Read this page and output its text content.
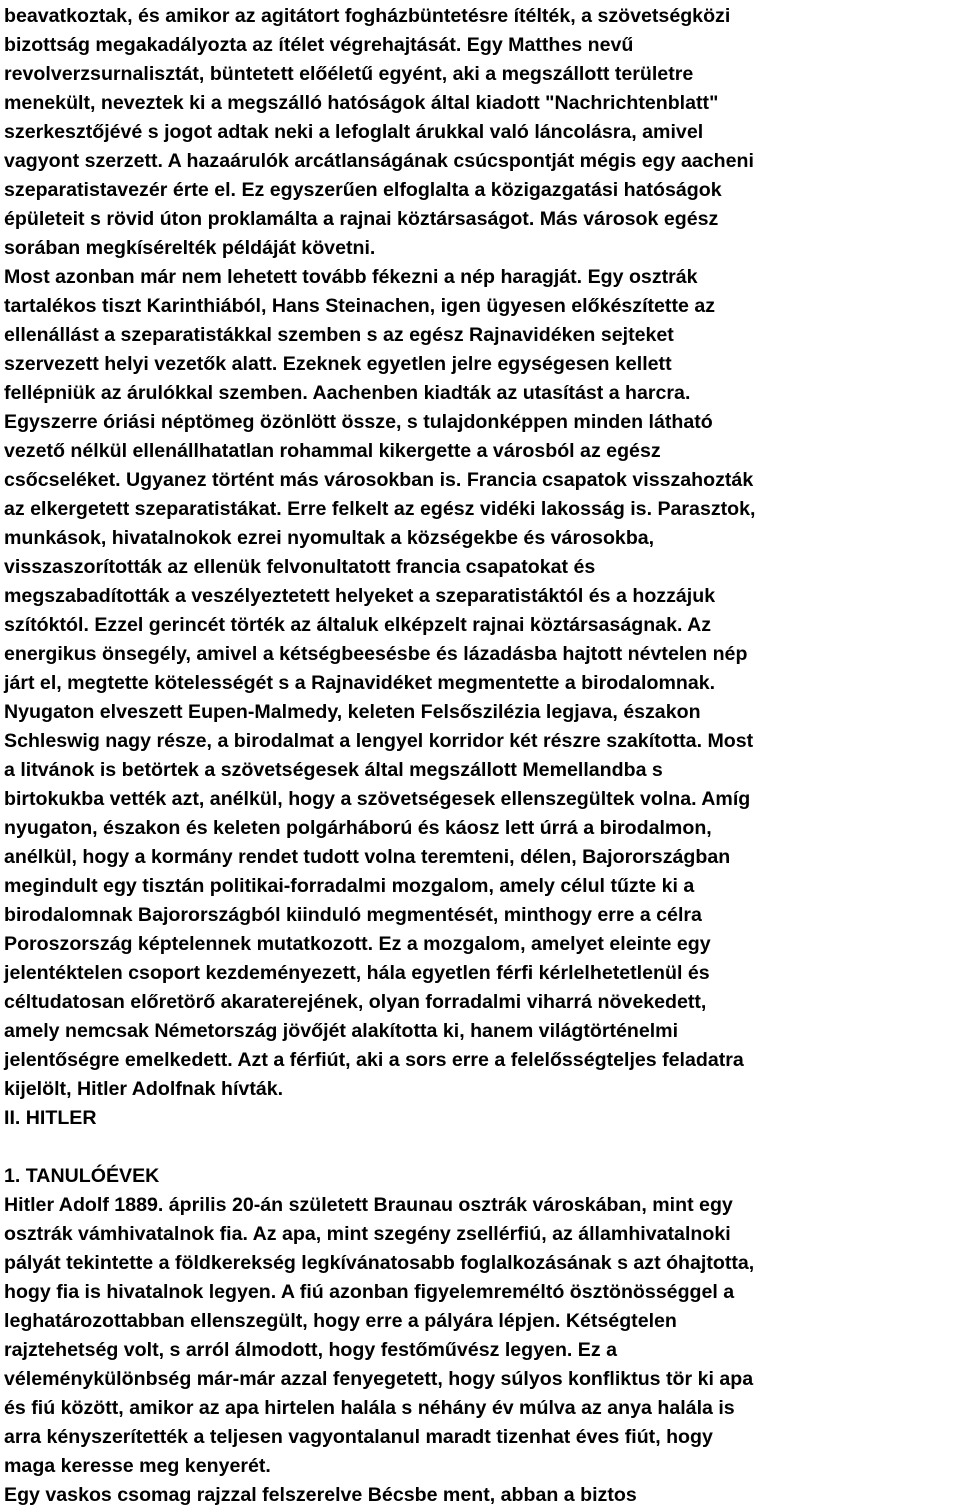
beavatkoztak, és amikor az agitátort fogházbüntetésre ítélték, a szövetségközi
bizottság megakadályozta az ítélet végrehajtását. Egy Matthes nevű
revolverzsurnalisztát, büntetett előéletű egyént, aki a megszállott területre
menekült, neveztek ki a megszálló hatóságok által kiadott "Nachrichtenblatt"
szerkesztőjévé s jogot adtak neki a lefoglalt árukkal való láncolásra, amivel
vagyont szerzett. A hazaárulók arcátlanságának csúcspontját mégis egy aacheni
szeparatistavezér érte el. Ez egyszerűen elfoglalta a közigazgatási hatóságok
épületeit s rövid úton proklamálta a rajnai köztársaságot. Más városok egész
sorában megkísérelték példáját követni.
Most azonban már nem lehetett tovább fékezni a nép haragját. Egy osztrák
tartalékos tiszt Karinthiából, Hans Steinachen, igen ügyesen előkészítette az
ellenállást a szeparatistákkal szemben s az egész Rajnavidéken sejteket
szervezett helyi vezetők alatt. Ezeknek egyetlen jelre egységesen kellett
fellépniük az árulókkal szemben. Aachenben kiadták az utasítást a harcra.
Egyszerre óriási néptömeg özönlött össze, s tulajdonképpen minden látható
vezető nélkül ellenállhatatlan rohammal kikergette a városból az egész
csőcseléket. Ugyanez történt más városokban is. Francia csapatok visszahozták
az elkergetett szeparatistákat. Erre felkelt az egész vidéki lakosság is. Parasztok,
munkások, hivatalnokok ezrei nyomultak a községekbe és városokba,
visszaszorították az ellenük felvonultatott francia csapatokat és
megszabadították a veszélyeztetett helyeket a szeparatistáktól és a hozzájuk
szítóktól. Ezzel gerincét törték az általuk elképzelt rajnai köztársaságnak. Az
energikus önsegély, amivel a kétségbeesésbe és lázadásba hajtott névtelen nép
járt el, megtette kötelességét s a Rajnavidéket megmentette a birodalomnak.
Nyugaton elveszett Eupen-Malmedy, keleten Felsőszilézia legjava, északon
Schleswig nagy része, a birodalmat a lengyel korridor két részre szakította. Most
a litvánok is betörtek a szövetségesek által megszállott Memellandba s
birtokukba vették azt, anélkül, hogy a szövetségesek ellenszegültek volna. Amíg
nyugaton, északon és keleten polgárháború és káosz lett úrrá a birodalmon,
anélkül, hogy a kormány rendet tudott volna teremteni, délen, Bajorországban
megindult egy tisztán politikai-forradalmi mozgalom, amely célul tűzte ki a
birodalomnak Bajorországból kiinduló megmentését, minthogy erre a célra
Poroszország képtelennek mutatkozott. Ez a mozgalom, amelyet eleinte egy
jelentéktelen csoport kezdeményezett, hála egyetlen férfi kérlelhetetlenül és
céltudatosan előretörő akaraterejének, olyan forradalmi viharrá növekedett,
amely nemcsak Németország jövőjét alakította ki, hanem világtörténelmi
jelentőségre emelkedett. Azt a férfiút, aki a sors erre a felelősségteljes feladatra
kijelölt, Hitler Adolfnak hívták.
II. HITLER
1. TANULÓÉVEK
Hitler Adolf 1889. április 20-án született Braunau osztrák városkában, mint egy
osztrák vámhivatalnok fia. Az apa, mint szegény zsellérfiú, az államhivatalnoki
pályát tekintette a földkerekség legkívánatosabb foglalkozásának s azt óhajtotta,
hogy fia is hivatalnok legyen. A fiú azonban figyelemreméltó ösztönösséggel a
leghatározottabban ellenszegült, hogy erre a pályára lépjen. Kétségtelen
rajztehetség volt, s arról álmodott, hogy festőművész legyen. Ez a
véleménykülönbség már-már azzal fenyegetett, hogy súlyos konfliktus tör ki apa
és fiú között, amikor az apa hirtelen halála s néhány év múlva az anya halála is
arra kényszerítették a teljesen vagyontalanul maradt tizenhat éves fiút, hogy
maga keresse meg kenyerét.
Egy vaskos csomag rajzzal felszerelve Bécsbe ment, abban a biztos
